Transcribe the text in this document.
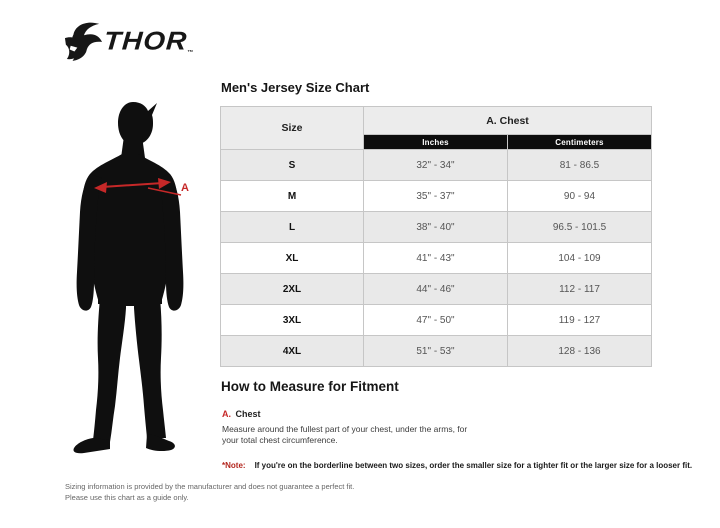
THOR
™
A
Men's Jersey Size Chart
Size	A. Chest	
	Inches	Centimeters
S	32" - 34"	81 - 86.5
M	35" - 37"	90 - 94
L	38" - 40"	96.5 - 101.5
XL	41" - 43"	104 - 109
2XL	44" - 46"	112 - 117
3XL	47" - 50"	119 - 127
4XL	51" - 53"	128 - 136
How to Measure for Fitment
A. Chest
Measure around the fullest part of your chest, under the arms, for your total chest circumference.
*Note: If you're on the borderline between two sizes, order the smaller size for a tighter fit or the larger size for a looser fit.
Sizing information is provided by the manufacturer and does not guarantee a perfect fit. Please use this chart as a guide only.
